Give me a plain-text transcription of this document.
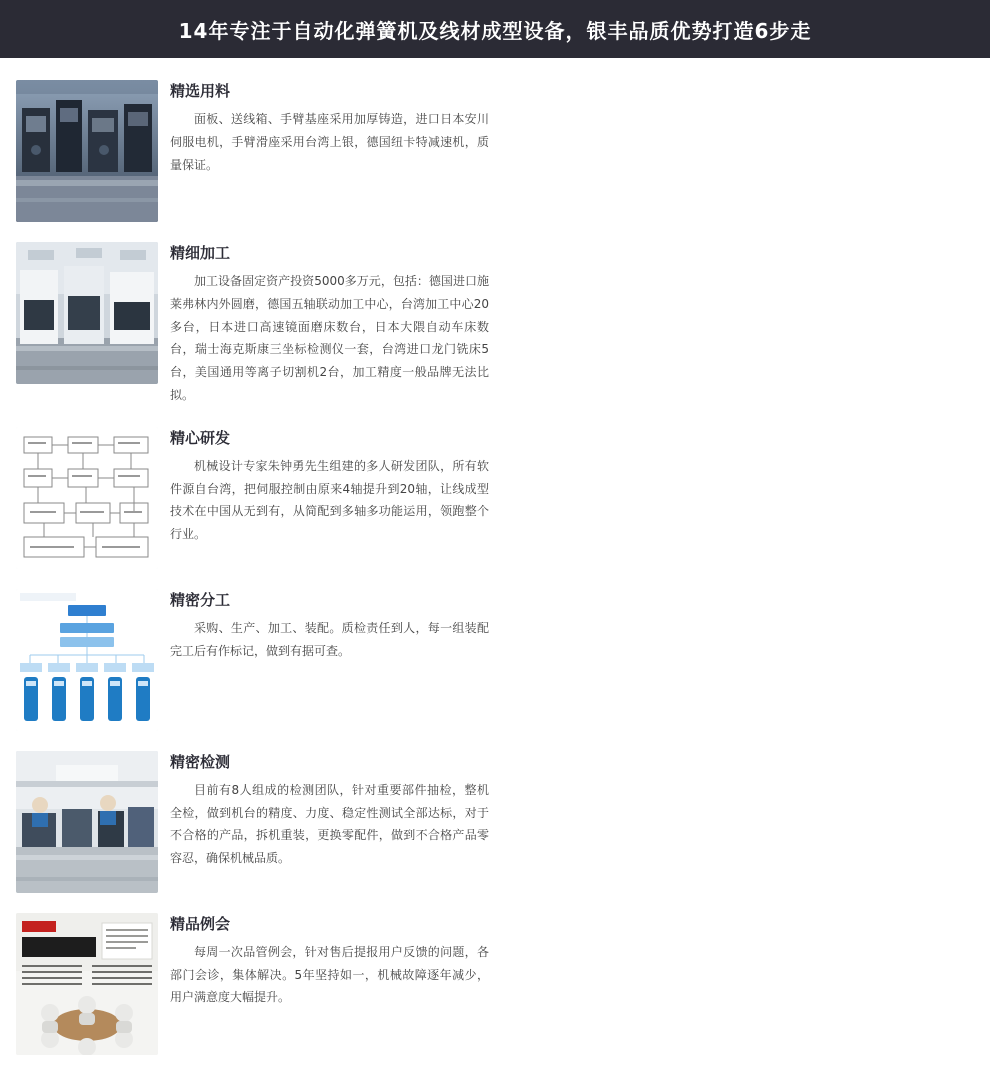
14年专注于自动化弹簧机及线材成型设备，银丰品质优势打造6步走
精选用料

面板、送线箱、手臂基座采用加厚铸造，进口日本安川伺服电机，手臂滑座采用台湾上银，德国纽卡特减速机，质量保证。

精细加工

加工设备固定资产投资5000多万元，包括：德国进口施莱弗林内外圆磨，德国五轴联动加工中心，台湾加工中心20多台，日本进口高速镜面磨床数台，日本大隈自动车床数台，瑞士海克斯康三坐标检测仪一套，台湾进口龙门铣床5台，美国通用等离子切割机2台，加工精度一般品牌无法比拟。

精心研发

机械设计专家朱钟勇先生组建的多人研发团队，所有软件源自台湾，把伺服控制由原来4轴提升到20轴，让线成型技术在中国从无到有，从简配到多轴多功能运用，领跑整个行业。

精密分工

采购、生产、加工、装配。质检责任到人，每一组装配完工后有作标记，做到有据可查。

精密检测

目前有8人组成的检测团队，针对重要部件抽检，整机全检，做到机台的精度、力度、稳定性测试全部达标，对于不合格的产品，拆机重装，更换零配件，做到不合格产品零容忍，确保机械品质。

精品例会

每周一次品管例会，针对售后提报用户反馈的问题，各部门会诊，集体解决。5年坚持如一，机械故障逐年减少，用户满意度大幅提升。
